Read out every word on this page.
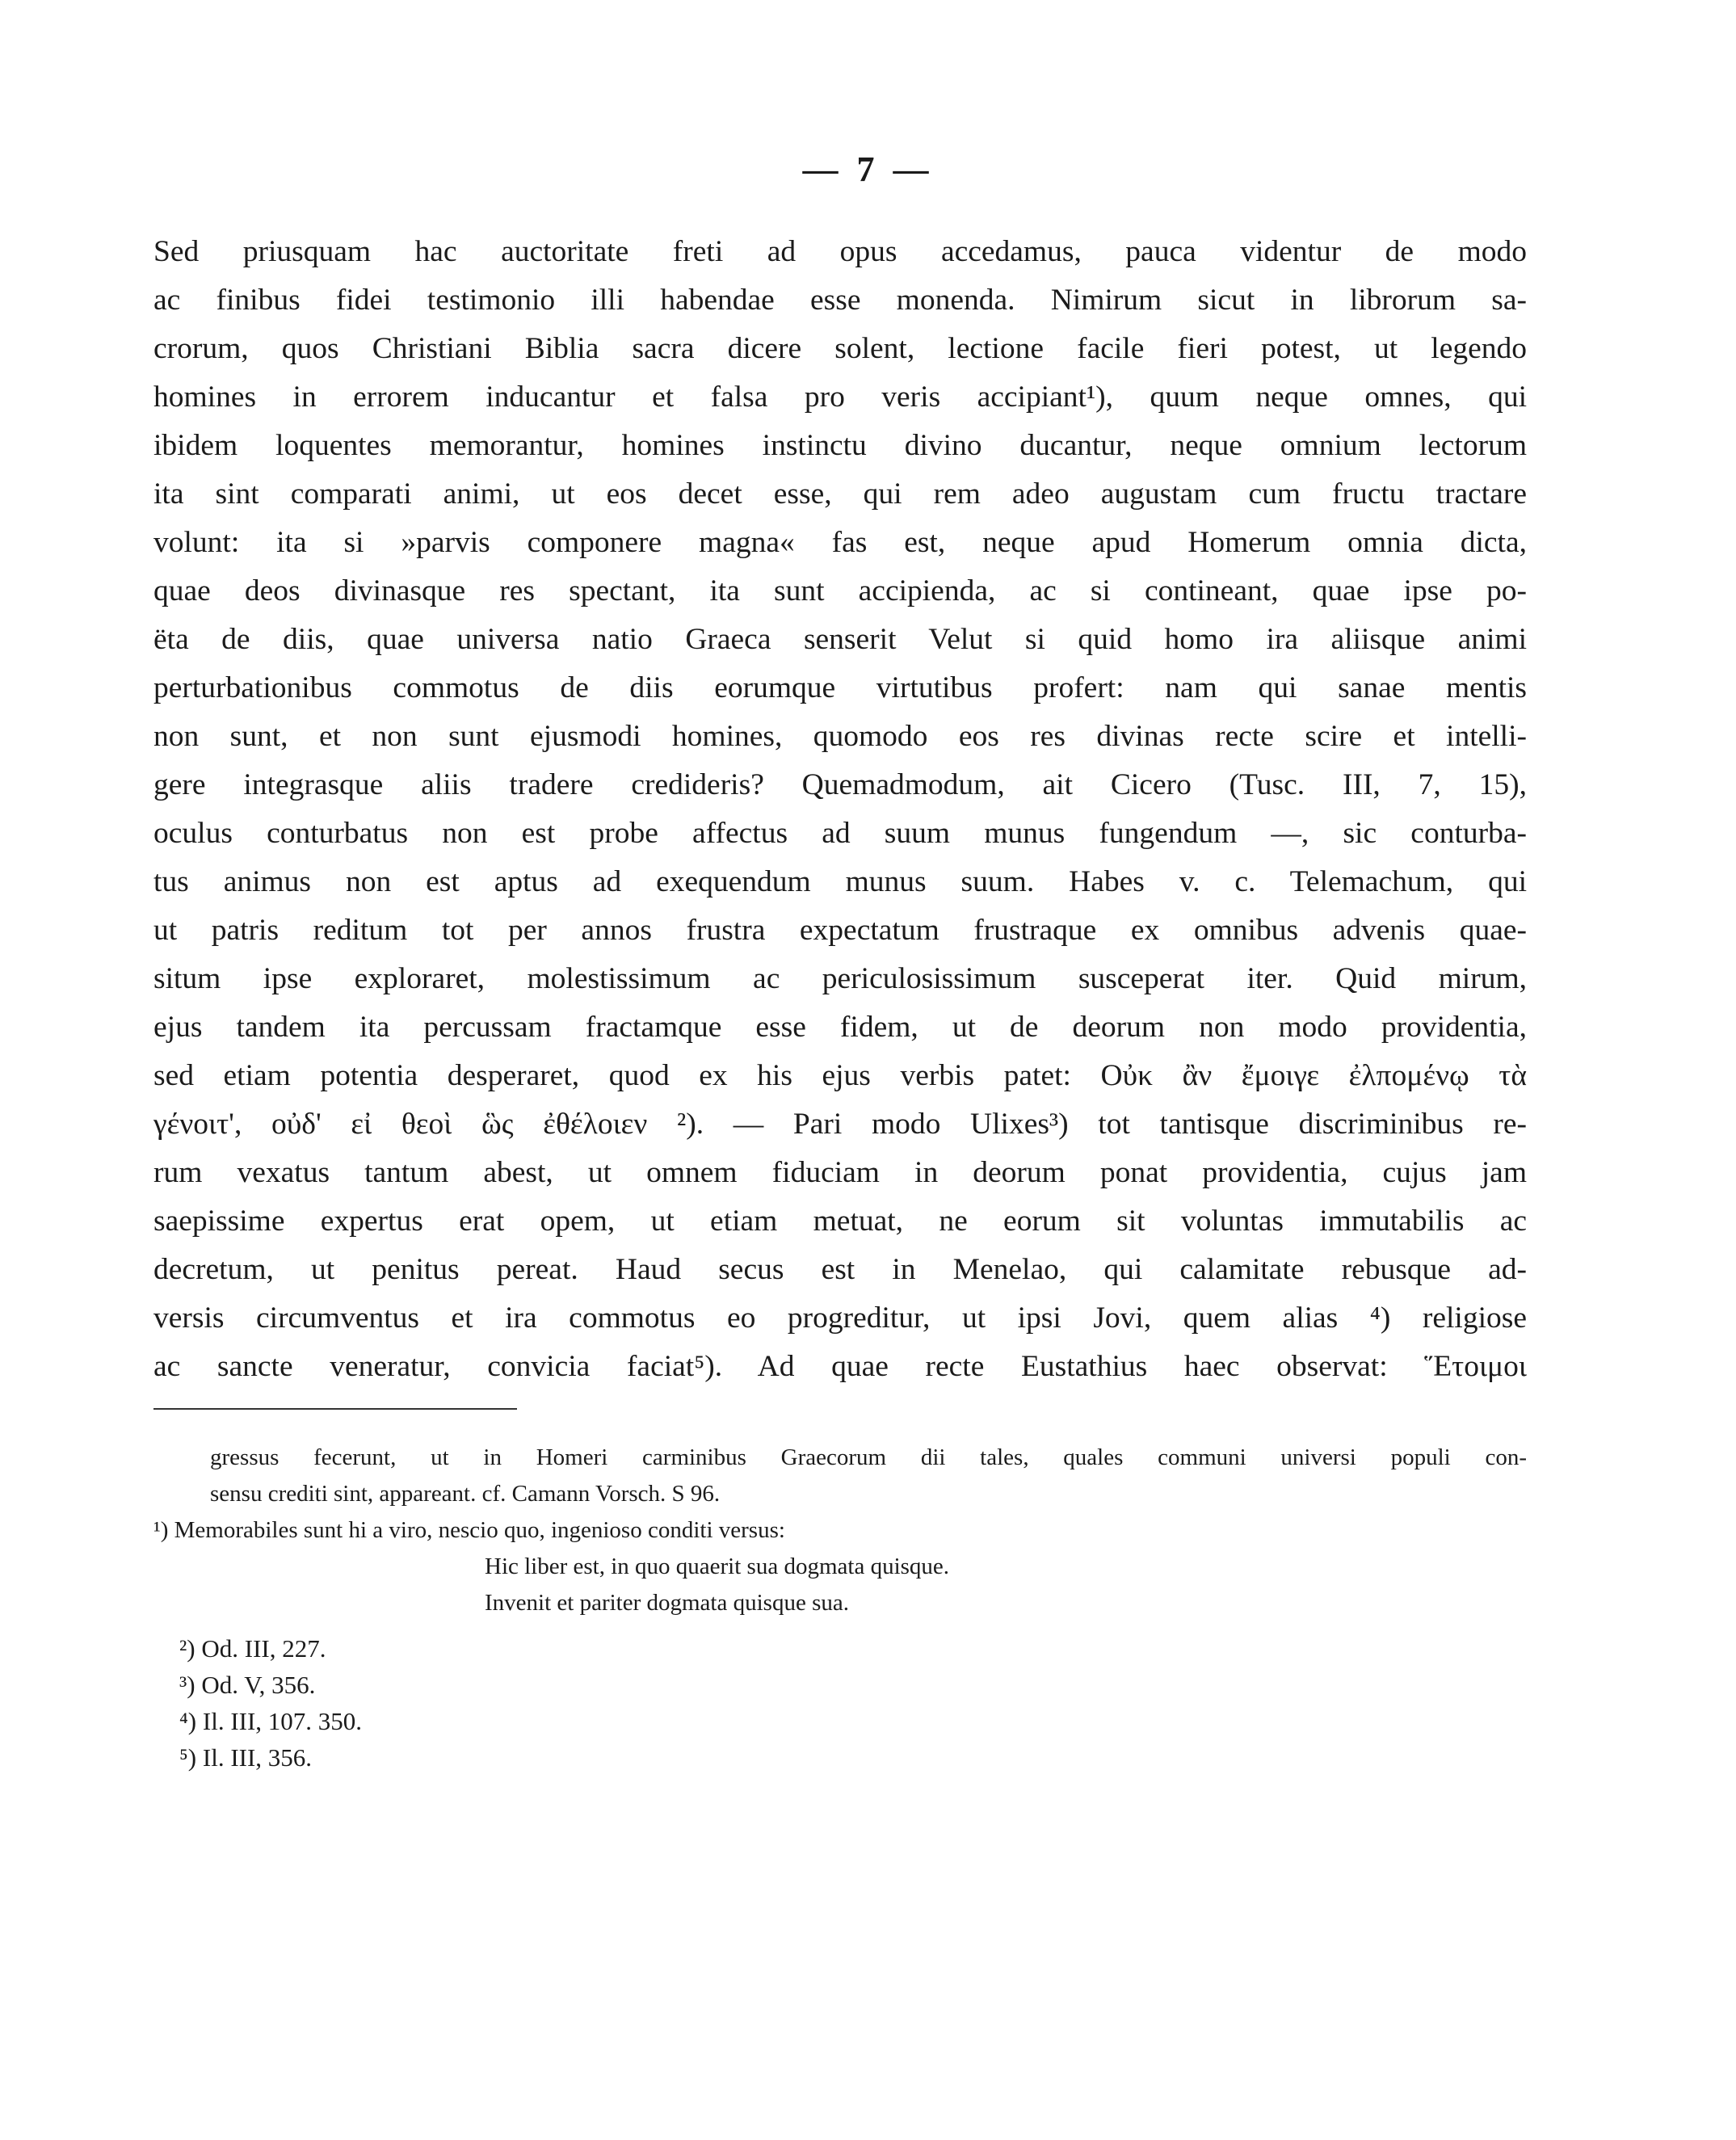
— 7 —
Sed priusquam hac auctoritate freti ad opus accedamus, pauca videntur de modo
ac finibus fidei testimonio illi habendae esse monenda. Nimirum sicut in librorum sa-
crorum, quos Christiani Biblia sacra dicere solent, lectione facile fieri potest, ut legendo
homines in errorem inducantur et falsa pro veris accipiant¹), quum neque omnes, qui
ibidem loquentes memorantur, homines instinctu divino ducantur, neque omnium lectorum
ita sint comparati animi, ut eos decet esse, qui rem adeo augustam cum fructu tractare
volunt: ita si »parvis componere magna« fas est, neque apud Homerum omnia dicta,
quae deos divinasque res spectant, ita sunt accipienda, ac si contineant, quae ipse po-
ëta de diis, quae universa natio Graeca senserit Velut si quid homo ira aliisque animi
perturbationibus commotus de diis eorumque virtutibus profert: nam qui sanae mentis
non sunt, et non sunt ejusmodi homines, quomodo eos res divinas recte scire et intelli-
gere integrasque aliis tradere credideris? Quemadmodum, ait Cicero (Tusc. III, 7, 15),
oculus conturbatus non est probe affectus ad suum munus fungendum —, sic conturba-
tus animus non est aptus ad exequendum munus suum. Habes v. c. Telemachum, qui
ut patris reditum tot per annos frustra expectatum frustraque ex omnibus advenis quae-
situm ipse exploraret, molestissimum ac periculosissimum susceperat iter. Quid mirum,
ejus tandem ita percussam fractamque esse fidem, ut de deorum non modo providentia,
sed etiam potentia desperaret, quod ex his ejus verbis patet: Οὐκ ἂν ἔμοιγε ἐλπομένῳ τὰ
γένοιτ', οὐδ' εἰ θεοὶ ὣς ἐθέλοιεν ²). — Pari modo Ulixes³) tot tantisque discriminibus re-
rum vexatus tantum abest, ut omnem fiduciam in deorum ponat providentia, cujus jam
saepissime expertus erat opem, ut etiam metuat, ne eorum sit voluntas immutabilis ac
decretum, ut penitus pereat. Haud secus est in Menelao, qui calamitate rebusque ad-
versis circumventus et ira commotus eo progreditur, ut ipsi Jovi, quem alias ⁴) religiose
ac sancte veneratur, convicia faciat⁵). Ad quae recte Eustathius haec observat: Ἕτοιμοι
gressus fecerunt, ut in Homeri carminibus Graecorum dii tales, quales communi universi populi con-
sensu crediti sint, appareant. cf. Camann Vorsch. S 96.
¹) Memorabiles sunt hi a viro, nescio quo, ingenioso conditi versus:
Hic liber est, in quo quaerit sua dogmata quisque.
Invenit et pariter dogmata quisque sua.
²) Od. III, 227.
³) Od. V, 356.
⁴) Il. III, 107. 350.
⁵) Il. III, 356.
